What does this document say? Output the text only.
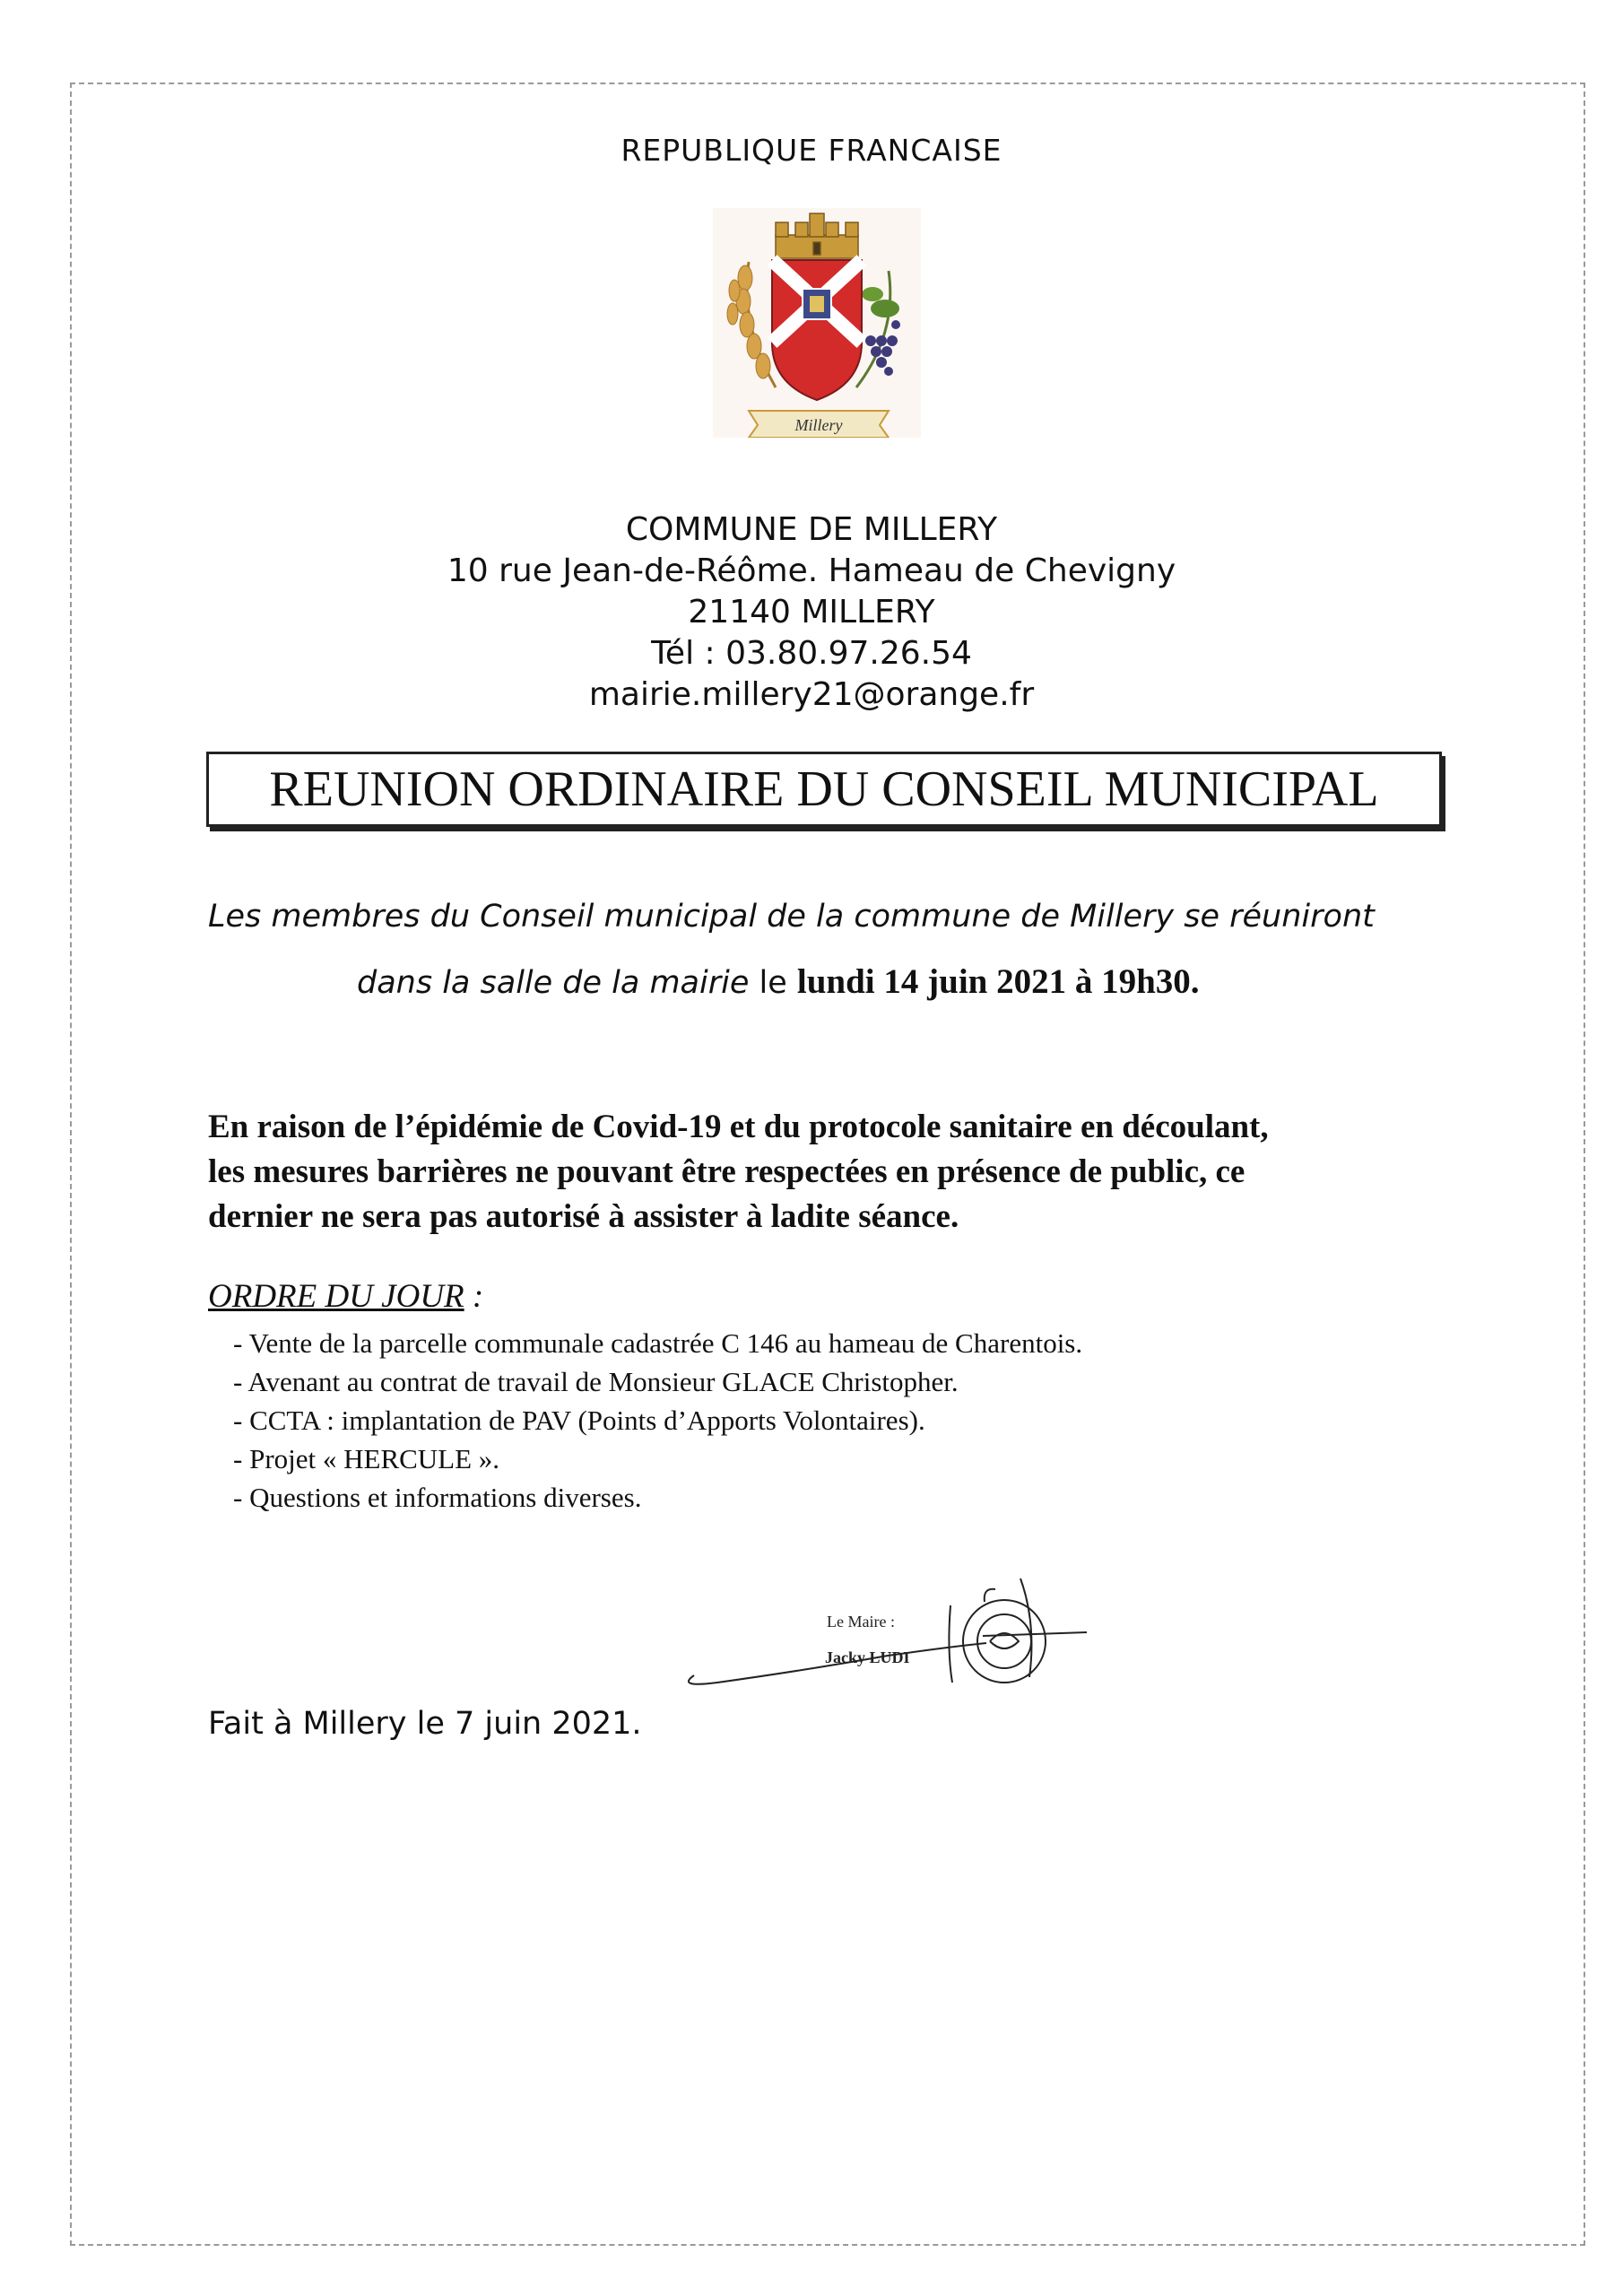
REPUBLIQUE FRANCAISE
Millery
COMMUNE DE MILLERY
10 rue Jean-de-Réôme. Hameau de Chevigny
21140 MILLERY
Tél : 03.80.97.26.54
mairie.millery21@orange.fr
REUNION ORDINAIRE DU CONSEIL MUNICIPAL
Les membres du Conseil municipal de la commune de Millery se réuniront
dans la salle de la mairie le lundi 14 juin 2021 à 19h30.
En raison de l’épidémie de Covid-19 et du protocole sanitaire en découlant,
les mesures barrières ne pouvant être respectées en présence de public, ce
dernier ne sera pas autorisé à assister à ladite séance.
ORDRE DU JOUR :
- Vente de la parcelle communale cadastrée C 146 au hameau de Charentois.
- Avenant au contrat de travail de Monsieur GLACE Christopher.
- CCTA : implantation de PAV (Points d’Apports Volontaires).
- Projet « HERCULE ».
- Questions et informations diverses.
Le Maire :
Jacky LUDI
Fait à Millery le 7 juin 2021.
